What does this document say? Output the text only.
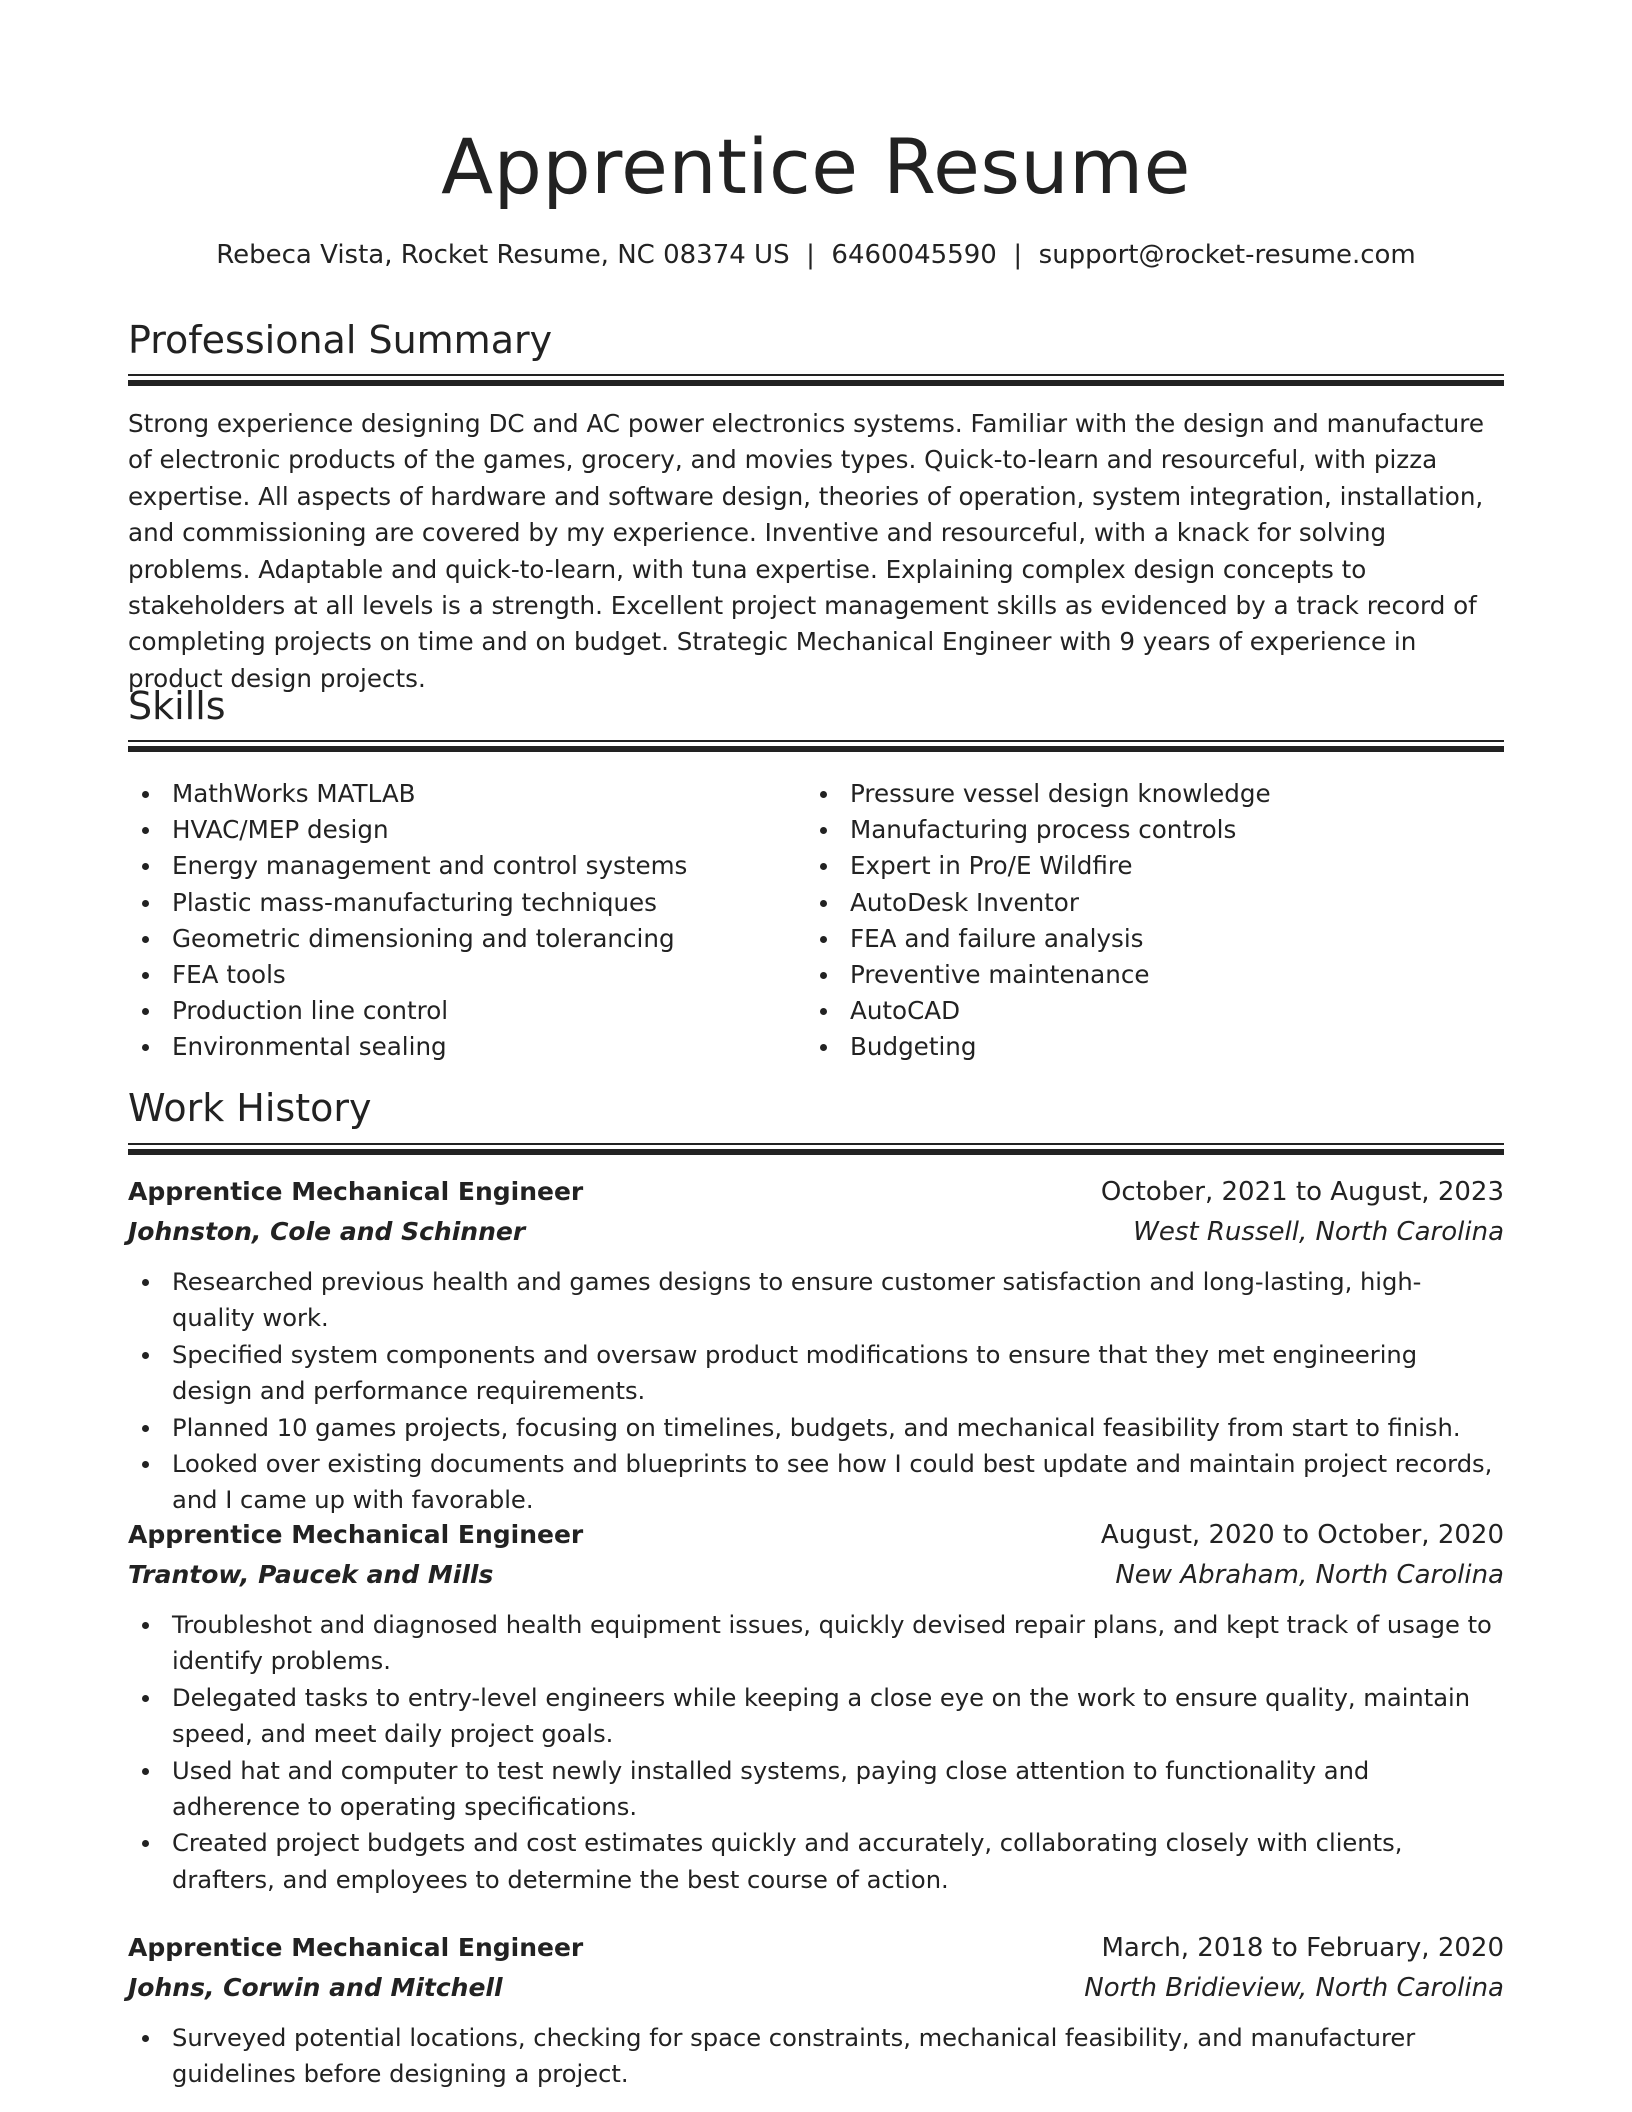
Apprentice Resume
Rebeca Vista, Rocket Resume, NC 08374 US  |  6460045590  |  support@rocket-resume.com
Professional Summary

Strong experience designing DC and AC power electronics systems. Familiar with the design and manufacture of electronic products of the games, grocery, and movies types. Quick-to-learn and resourceful, with pizza expertise. All aspects of hardware and software design, theories of operation, system integration, installation, and commissioning are covered by my experience. Inventive and resourceful, with a knack for solving problems. Adaptable and quick-to-learn, with tuna expertise. Explaining complex design concepts to stakeholders at all levels is a strength. Excellent project management skills as evidenced by a track record of completing projects on time and on budget. Strategic Mechanical Engineer with 9 years of experience in product design projects.

Skills
MathWorks MATLAB
HVAC/MEP design
Energy management and control systems
Plastic mass-manufacturing techniques
Geometric dimensioning and tolerancing
FEA tools
Production line control
Environmental sealing
Pressure vessel design knowledge
Manufacturing process controls
Expert in Pro/E Wildfire
AutoDesk Inventor
FEA and failure analysis
Preventive maintenance
AutoCAD
Budgeting
Work History
Apprentice Mechanical Engineer	October, 2021 to August, 2023
Johnston, Cole and Schinner	West Russell, North Carolina
Researched previous health and games designs to ensure customer satisfaction and long-lasting, high-quality work.
Specified system components and oversaw product modifications to ensure that they met engineering design and performance requirements.
Planned 10 games projects, focusing on timelines, budgets, and mechanical feasibility from start to finish.
Looked over existing documents and blueprints to see how I could best update and maintain project records, and I came up with favorable.
Apprentice Mechanical Engineer	August, 2020 to October, 2020
Trantow, Paucek and Mills	New Abraham, North Carolina
Troubleshot and diagnosed health equipment issues, quickly devised repair plans, and kept track of usage to identify problems.
Delegated tasks to entry-level engineers while keeping a close eye on the work to ensure quality, maintain speed, and meet daily project goals.
Used hat and computer to test newly installed systems, paying close attention to functionality and adherence to operating specifications.
Created project budgets and cost estimates quickly and accurately, collaborating closely with clients, drafters, and employees to determine the best course of action.
Apprentice Mechanical Engineer	March, 2018 to February, 2020
Johns, Corwin and Mitchell	North Bridieview, North Carolina
Surveyed potential locations, checking for space constraints, mechanical feasibility, and manufacturer guidelines before designing a project.
